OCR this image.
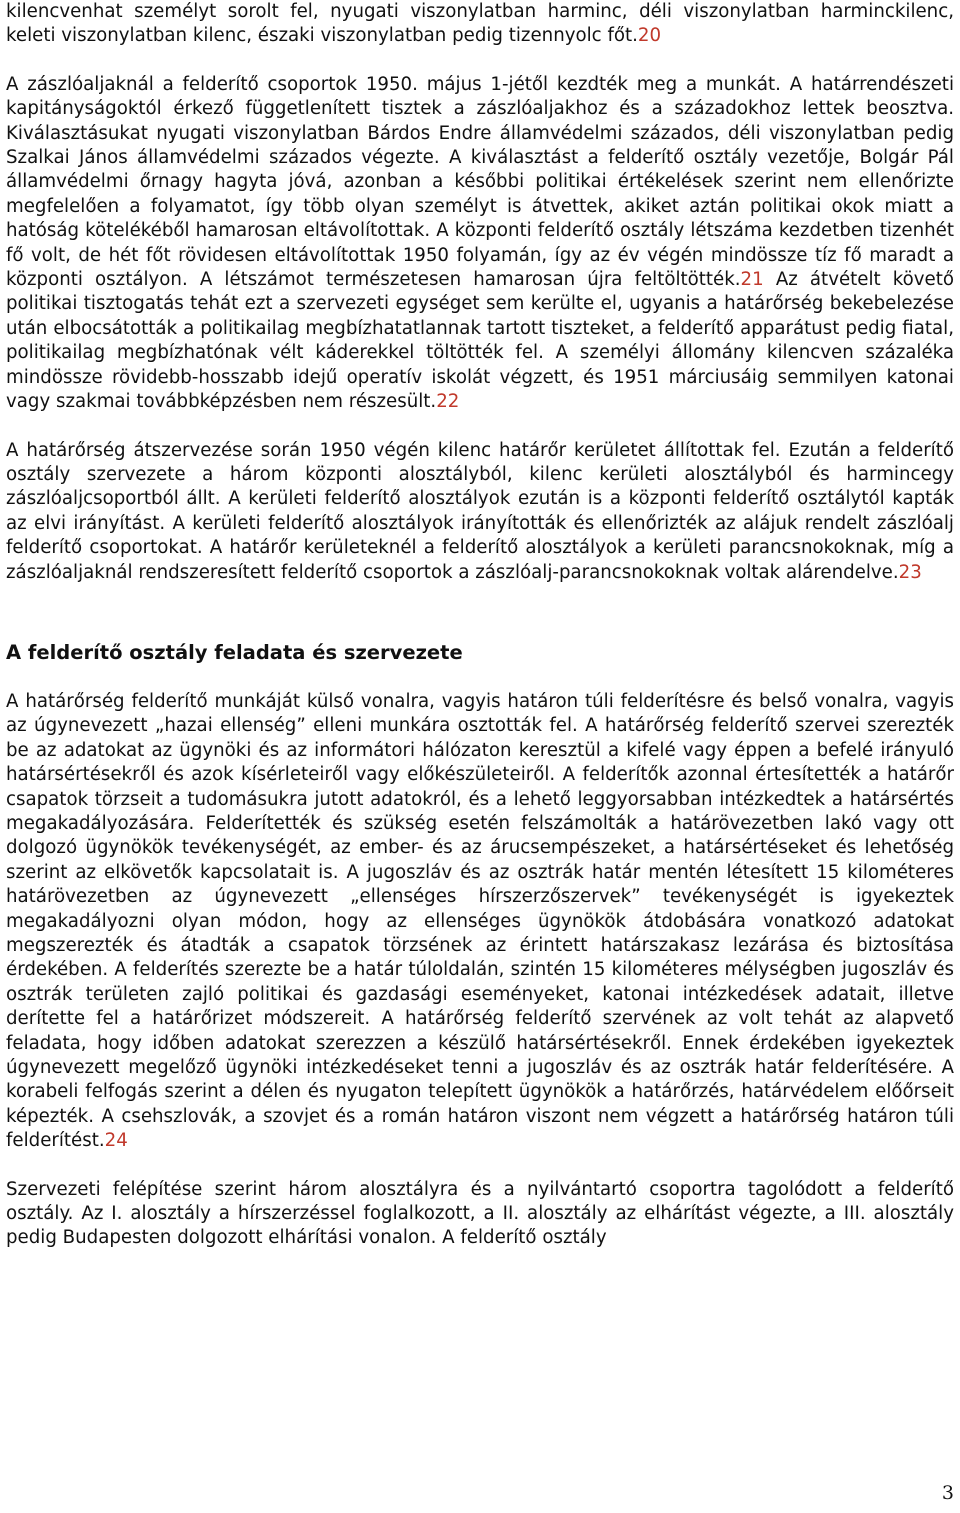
kilencvenhat személyt sorolt fel, nyugati viszonylatban harminc, déli viszonylatban harminckilenc, keleti viszonylatban kilenc, északi viszonylatban pedig tizennyolc főt.20

A zászlóaljaknál a felderítő csoportok 1950. május 1-jétől kezdték meg a munkát. A határrendészeti kapitányságoktól érkező függetlenített tisztek a zászlóaljakhoz és a századokhoz lettek beosztva. Kiválasztásukat nyugati viszonylatban Bárdos Endre államvédelmi százados, déli viszonylatban pedig Szalkai János államvédelmi százados végezte. A kiválasztást a felderítő osztály vezetője, Bolgár Pál államvédelmi őrnagy hagyta jóvá, azonban a későbbi politikai értékelések szerint nem ellenőrizte megfelelően a folyamatot, így több olyan személyt is átvettek, akiket aztán politikai okok miatt a hatóság kötelékéből hamarosan eltávolítottak. A központi felderítő osztály létszáma kezdetben tizenhét fő volt, de hét főt rövidesen eltávolítottak 1950 folyamán, így az év végén mindössze tíz fő maradt a központi osztályon. A létszámot természetesen hamarosan újra feltöltötték.21 Az átvételt követő politikai tisztogatás tehát ezt a szervezeti egységet sem kerülte el, ugyanis a határőrség bekebelezése után elbocsátották a politikailag megbízhatatlannak tartott tiszteket, a felderítő apparátust pedig fiatal, politikailag megbízhatónak vélt káderekkel töltötték fel. A személyi állomány kilencven százaléka mindössze rövidebb-hosszabb idejű operatív iskolát végzett, és 1951 márciusáig semmilyen katonai vagy szakmai továbbképzésben nem részesült.22

A határőrség átszervezése során 1950 végén kilenc határőr kerületet állítottak fel. Ezután a felderítő osztály szervezete a három központi alosztályból, kilenc kerületi alosztályból és harmincegy zászlóaljcsoportból állt. A kerületi felderítő alosztályok ezután is a központi felderítő osztálytól kapták az elvi irányítást. A kerületi felderítő alosztályok irányították és ellenőrizték az alájuk rendelt zászlóalj felderítő csoportokat. A határőr kerületeknél a felderítő alosztályok a kerületi parancsnokoknak, míg a zászlóaljaknál rendszeresített felderítő csoportok a zászlóalj-parancsnokoknak voltak alárendelve.23

A felderítő osztály feladata és szervezete

A határőrség felderítő munkáját külső vonalra, vagyis határon túli felderítésre és belső vonalra, vagyis az úgynevezett „hazai ellenség” elleni munkára osztották fel. A határőrség felderítő szervei szerezték be az adatokat az ügynöki és az informátori hálózaton keresztül a kifelé vagy éppen a befelé irányuló határsértésekről és azok kísérleteiről vagy előkészületeiről. A felderítők azonnal értesítették a határőr csapatok törzseit a tudomásukra jutott adatokról, és a lehető leggyorsabban intézkedtek a határsértés megakadályozására. Felderítették és szükség esetén felszámolták a határövezetben lakó vagy ott dolgozó ügynökök tevékenységét, az ember- és az árucsempészeket, a határsértéseket és lehetőség szerint az elkövetők kapcsolatait is. A jugoszláv és az osztrák határ mentén létesített 15 kilométeres határövezetben az úgynevezett „ellenséges hírszerzőszervek” tevékenységét is igyekeztek megakadályozni olyan módon, hogy az ellenséges ügynökök átdobására vonatkozó adatokat megszerezték és átadták a csapatok törzsének az érintett határszakasz lezárása és biztosítása érdekében. A felderítés szerezte be a határ túloldalán, szintén 15 kilométeres mélységben jugoszláv és osztrák területen zajló politikai és gazdasági eseményeket, katonai intézkedések adatait, illetve derítette fel a határőrizet módszereit. A határőrség felderítő szervének az volt tehát az alapvető feladata, hogy időben adatokat szerezzen a készülő határsértésekről. Ennek érdekében igyekeztek úgynevezett megelőző ügynöki intézkedéseket tenni a jugoszláv és az osztrák határ felderítésére. A korabeli felfogás szerint a délen és nyugaton telepített ügynökök a határőrzés, határvédelem előőrseit képezték. A csehszlovák, a szovjet és a román határon viszont nem végzett a határőrség határon túli felderítést.24

Szervezeti felépítése szerint három alosztályra és a nyilvántartó csoportra tagolódott a felderítő osztály. Az I. alosztály a hírszerzéssel foglalkozott, a II. alosztály az elhárítást végezte, a III. alosztály pedig Budapesten dolgozott elhárítási vonalon. A felderítő osztály

3
